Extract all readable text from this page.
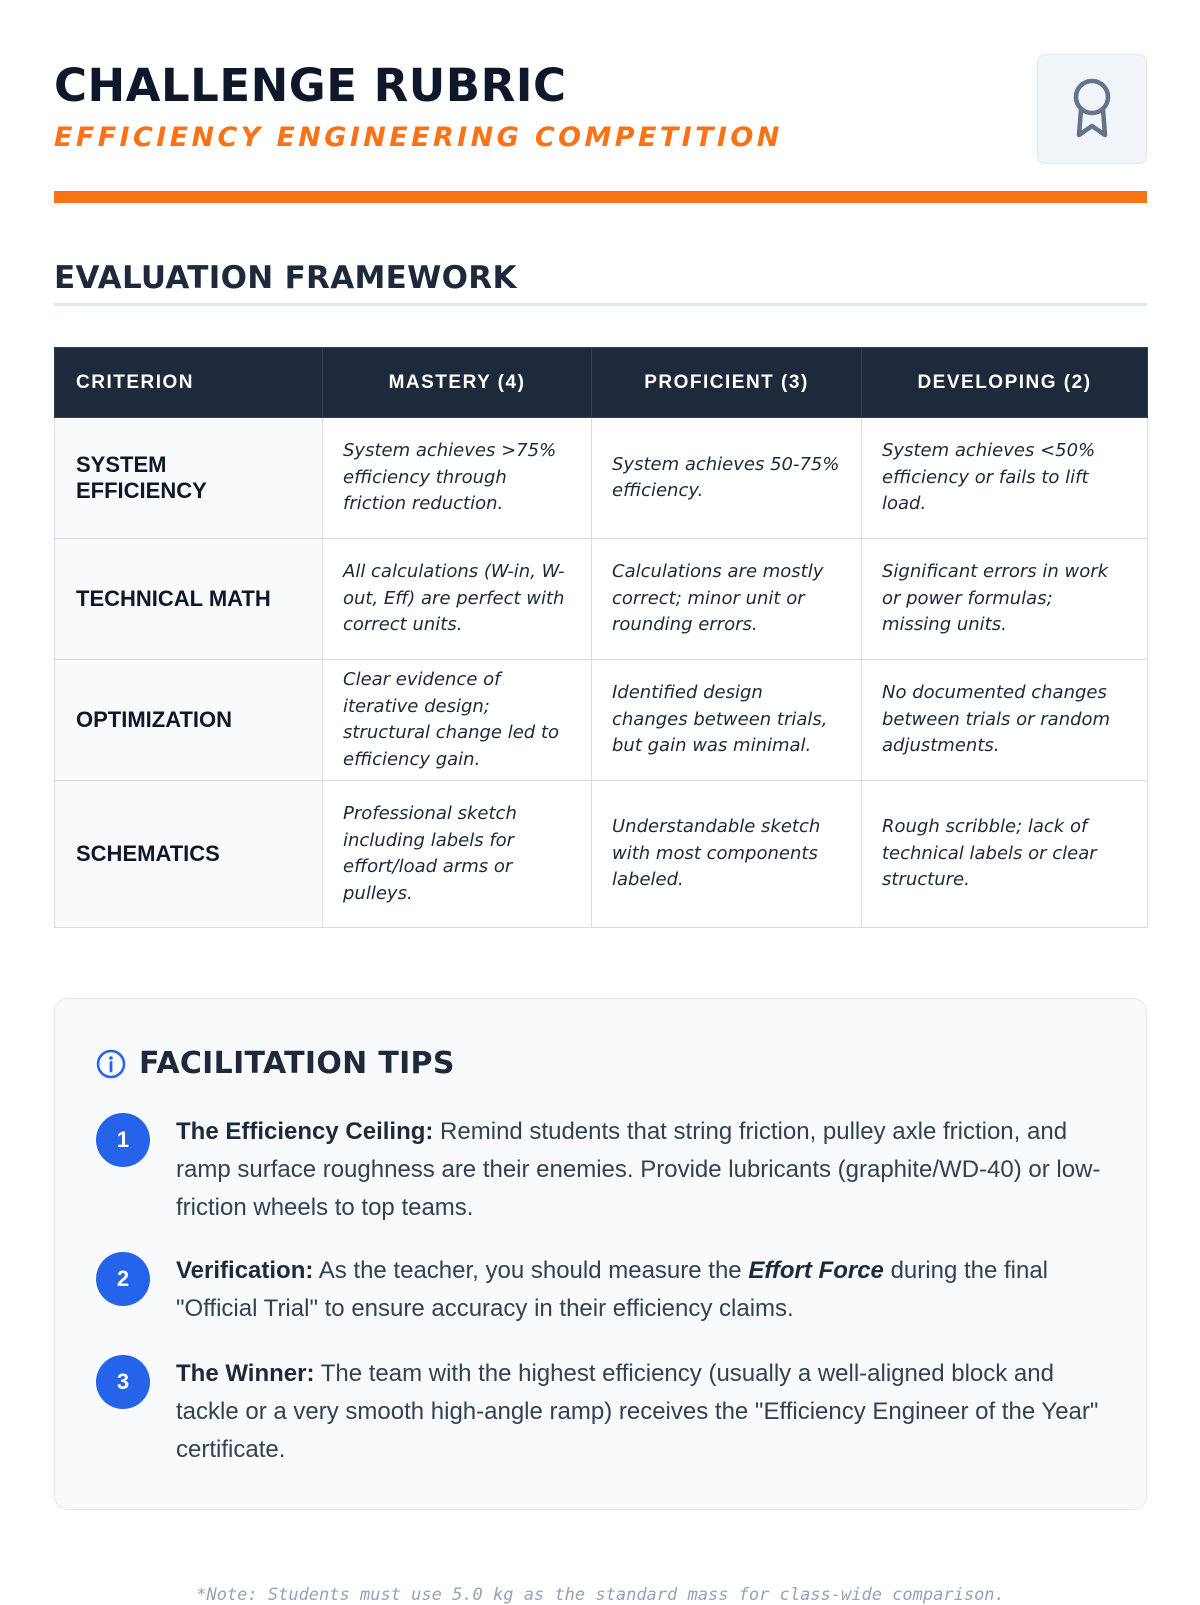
CHALLENGE RUBRIC
EFFICIENCY ENGINEERING COMPETITION
EVALUATION FRAMEWORK
CRITERION	MASTERY (4)	PROFICIENT (3)	DEVELOPING (2)
SYSTEM EFFICIENCY	System achieves >75% efficiency through friction reduction.	System achieves 50-75% efficiency.	System achieves <50% efficiency or fails to lift load.
TECHNICAL MATH	All calculations (W-in, W-out, Eff) are perfect with correct units.	Calculations are mostly correct; minor unit or rounding errors.	Significant errors in work or power formulas; missing units.
OPTIMIZATION	Clear evidence of iterative design; structural change led to efficiency gain.	Identified design changes between trials, but gain was minimal.	No documented changes between trials or random adjustments.
SCHEMATICS	Professional sketch including labels for effort/load arms or pulleys.	Understandable sketch with most components labeled.	Rough scribble; lack of technical labels or clear structure.
FACILITATION TIPS
1	The Efficiency Ceiling: Remind students that string friction, pulley axle friction, and ramp surface roughness are their enemies. Provide lubricants (graphite/WD-40) or low-friction wheels to top teams.

2	Verification: As the teacher, you should measure the Effort Force during the final "Official Trial" to ensure accuracy in their efficiency claims.

3	The Winner: The team with the highest efficiency (usually a well-aligned block and tackle or a very smooth high-angle ramp) receives the "Efficiency Engineer of the Year" certificate.

*Note: Students must use 5.0 kg as the standard mass for class-wide comparison.
